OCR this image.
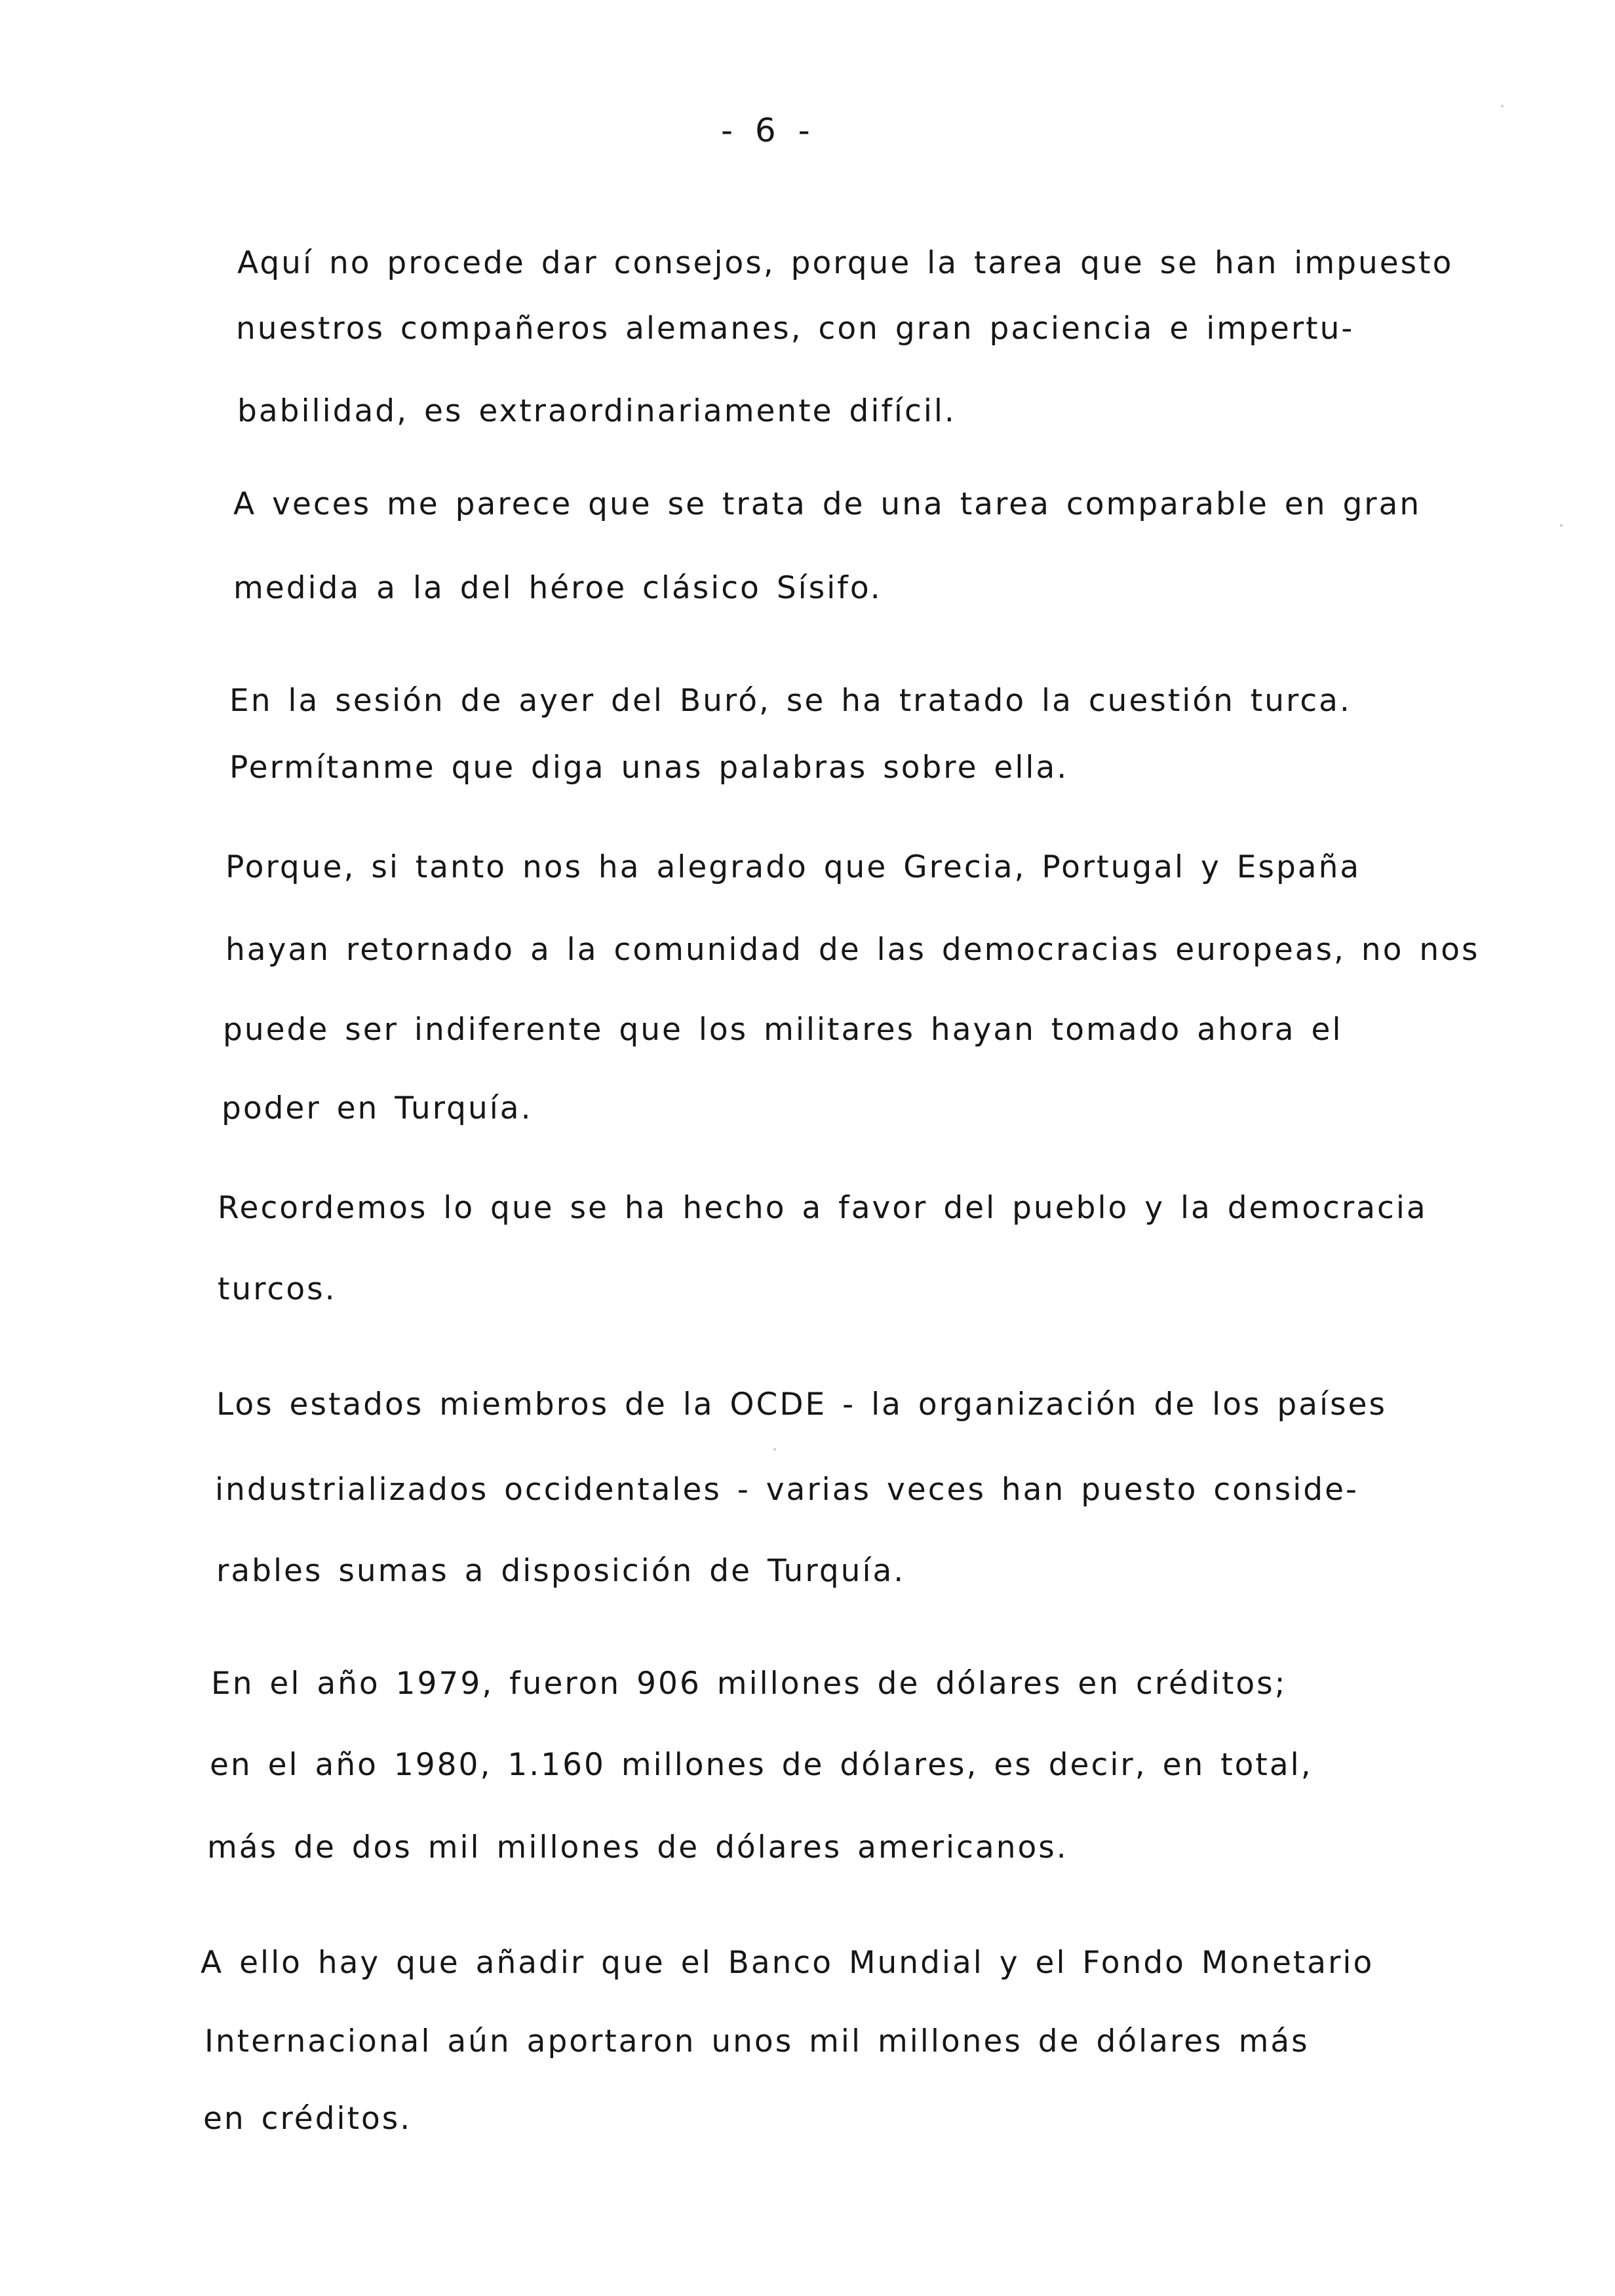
- 6 -
Aquí no procede dar consejos, porque la tarea que se han impuesto
nuestros compañeros alemanes, con gran paciencia e impertu-
babilidad, es extraordinariamente difícil.
A veces me parece que se trata de una tarea comparable en gran
medida a la del héroe clásico Sísifo.
En la sesión de ayer del Buró, se ha tratado la cuestión turca.
Permítanme que diga unas palabras sobre ella.
Porque, si tanto nos ha alegrado que Grecia, Portugal y España
hayan retornado a la comunidad de las democracias europeas, no nos
puede ser indiferente que los militares hayan tomado ahora el
poder en Turquía.
Recordemos lo que se ha hecho a favor del pueblo y la democracia
turcos.
Los estados miembros de la OCDE - la organización de los países
industrializados occidentales - varias veces han puesto conside-
rables sumas a disposición de Turquía.
En el año 1979, fueron 906 millones de dólares en créditos;
en el año 1980, 1.160 millones de dólares, es decir, en total,
más de dos mil millones de dólares americanos.
A ello hay que añadir que el Banco Mundial y el Fondo Monetario
Internacional aún aportaron unos mil millones de dólares más
en créditos.
